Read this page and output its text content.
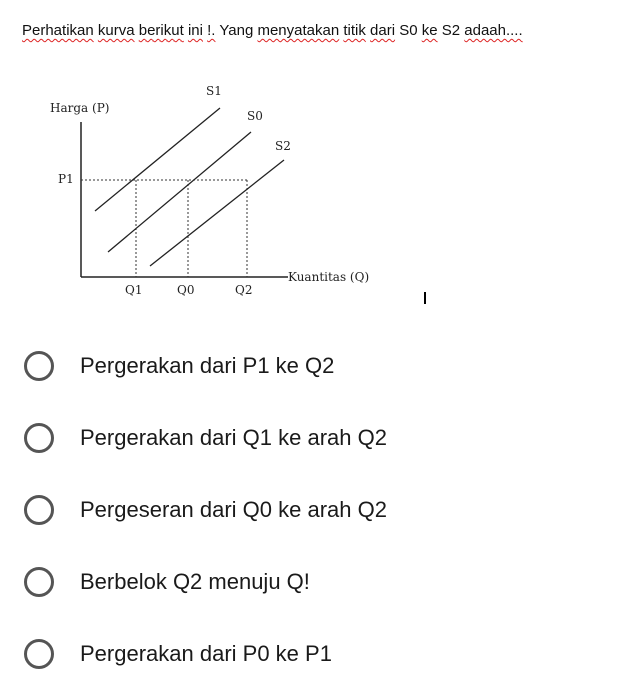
Perhatikan kurva berikut ini !. Yang menyatakan titik dari S0 ke S2 adaah....
Harga (P)
Kuantitas (Q)
P1
S1
S0
S2
Q1	Q0	Q2
Pergerakan dari P1 ke Q2
Pergerakan dari Q1 ke arah Q2
Pergeseran dari Q0 ke arah Q2
Berbelok Q2 menuju Q!
Pergerakan dari P0 ke P1
